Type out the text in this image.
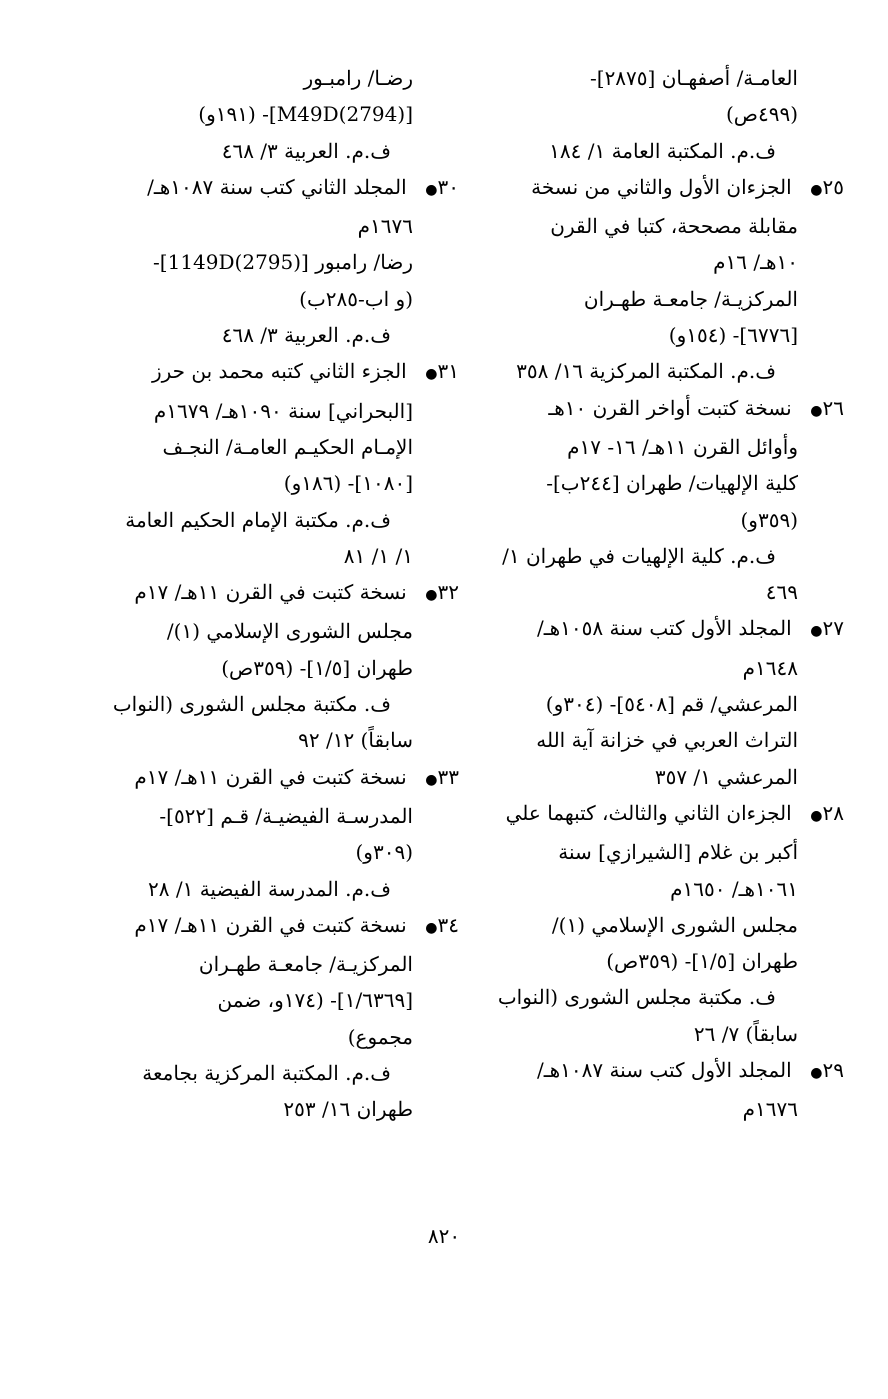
العامـة/ أصفهـان [٢٨٧٥]-
(٤٩٩ص)
ف.م. المكتبة العامة ١/ ١٨٤
٢٥● الجزءان الأول والثاني من نسخة
مقابلة مصححة، كتبا في القرن
١٠هـ/ ١٦م
المركزيـة/ جامعـة طهـران
[٦٧٧٦]- (١٥٤و)
ف.م. المكتبة المركزية ١٦/ ٣٥٨
٢٦● نسخة كتبت أواخر القرن ١٠هـ
وأوائل القرن ١١هـ/ ١٦- ١٧م
كلية الإلهيات/ طهران [٢٤٤ب]-
(٣٥٩و)
ف.م. كلية الإلهيات في طهران ١/
٤٦٩
٢٧● المجلد الأول كتب سنة ١٠٥٨هـ/
١٦٤٨م
المرعشي/ قم [٥٤٠٨]- (٣٠٤و)
التراث العربي في خزانة آية الله
المرعشي ١/ ٣٥٧
٢٨● الجزءان الثاني والثالث، كتبهما علي
أكبر بن غلام [الشيرازي] سنة
١٠٦١هـ/ ١٦٥٠م
مجلس الشورى الإسلامي (١)/
طهران [١/٥]- (٣٥٩ص)
ف. مكتبة مجلس الشورى (النواب
سابقاً) ٧/ ٢٦
٢٩● المجلد الأول كتب سنة ١٠٨٧هـ/
١٦٧٦م
رضـا/ رامبـور
[(2794)M49D]- (١٩١و)
ف.م. العربية ٣/ ٤٦٨
٣٠● المجلد الثاني كتب سنة ١٠٨٧هـ/
١٦٧٦م
رضا/ رامبور [(2795)1149D]-
(و اب-٢٨٥ب)
ف.م. العربية ٣/ ٤٦٨
٣١● الجزء الثاني كتبه محمد بن حرز
[البحراني] سنة ١٠٩٠هـ/ ١٦٧٩م
الإمـام الحكيـم العامـة/ النجـف
[١٠٨٠]- (١٨٦و)
ف.م. مكتبة الإمام الحكيم العامة
١/ ١/ ٨١
٣٢● نسخة كتبت في القرن ١١هـ/ ١٧م
مجلس الشورى الإسلامي (١)/
طهران [١/٥]- (٣٥٩ص)
ف. مكتبة مجلس الشورى (النواب
سابقاً) ١٢/ ٩٢
٣٣● نسخة كتبت في القرن ١١هـ/ ١٧م
المدرسـة الفيضيـة/ قـم [٥٢٢]-
(٣٠٩و)
ف.م. المدرسة الفيضية ١/ ٢٨
٣٤● نسخة كتبت في القرن ١١هـ/ ١٧م
المركزيـة/ جامعـة طهـران
[١/٦٣٦٩]- (١٧٤و، ضمن
مجموع)
ف.م. المكتبة المركزية بجامعة
طهران ١٦/ ٢٥٣
٨٢٠
